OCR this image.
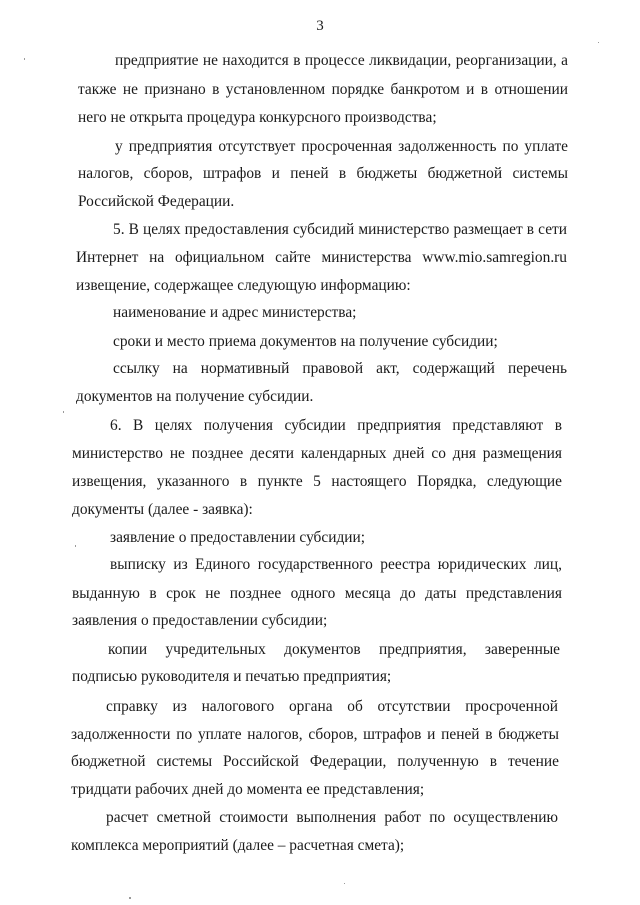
3

предприятие не находится в процессе ликвидации, реорганизации, а

также не признано в установленном порядке банкротом и в отношении

него не открыта процедура конкурсного производства;

у предприятия отсутствует просроченная задолженность по уплате

налогов, сборов, штрафов и пеней в бюджеты бюджетной системы

Российской Федерации.

5. В целях предоставления субсидий министерство размещает в сети

Интернет на официальном сайте министерства www.mio.samregion.ru

извещение, содержащее следующую информацию:

наименование и адрес министерства;

сроки и место приема документов на получение субсидии;

ссылку на нормативный правовой акт, содержащий перечень

документов на получение субсидии.

6. В целях получения субсидии предприятия представляют в

министерство не позднее десяти календарных дней со дня размещения

извещения, указанного в пункте 5 настоящего Порядка, следующие

документы (далее - заявка):

заявление о предоставлении субсидии;

выписку из Единого государственного реестра юридических лиц,

выданную в срок не позднее одного месяца до даты представления

заявления о предоставлении субсидии;

копии учредительных документов предприятия, заверенные

подписью руководителя и печатью предприятия;

справку из налогового органа об отсутствии просроченной

задолженности по уплате налогов, сборов, штрафов и пеней в бюджеты

бюджетной системы Российской Федерации, полученную в течение

тридцати рабочих дней до момента ее представления;

расчет сметной стоимости выполнения работ по осуществлению

комплекса мероприятий (далее – расчетная смета);
